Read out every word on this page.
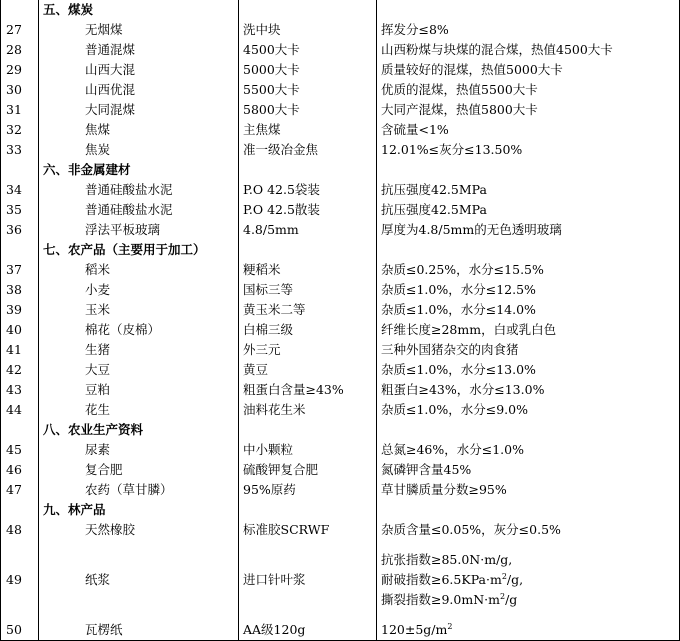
	五、煤炭		
27	无烟煤	洗中块	挥发分≤8%
28	普通混煤	4500大卡	山西粉煤与块煤的混合煤，热值4500大卡
29	山西大混	5000大卡	质量较好的混煤，热值5000大卡
30	山西优混	5500大卡	优质的混煤，热值5500大卡
31	大同混煤	5800大卡	大同产混煤，热值5800大卡
32	焦煤	主焦煤	含硫量<1%
33	焦炭	准一级冶金焦	12.01%≤灰分≤13.50%
	六、非金属建材		
34	普通硅酸盐水泥	P.O 42.5袋装	抗压强度42.5MPa
35	普通硅酸盐水泥	P.O 42.5散装	抗压强度42.5MPa
36	浮法平板玻璃	4.8/5mm	厚度为4.8/5mm的无色透明玻璃
	七、农产品（主要用于加工）		
37	稻米	粳稻米	杂质≤0.25%，水分≤15.5%
38	小麦	国标三等	杂质≤1.0%，水分≤12.5%
39	玉米	黄玉米二等	杂质≤1.0%，水分≤14.0%
40	棉花（皮棉）	白棉三级	纤维长度≥28mm，白或乳白色
41	生猪	外三元	三种外国猪杂交的肉食猪
42	大豆	黄豆	杂质≤1.0%，水分≤13.0%
43	豆粕	粗蛋白含量≥43%	粗蛋白≥43%，水分≤13.0%
44	花生	油料花生米	杂质≤1.0%，水分≤9.0%
	八、农业生产资料		
45	尿素	中小颗粒	总氮≥46%，水分≤1.0%
46	复合肥	硫酸钾复合肥	氮磷钾含量45%
47	农药（草甘膦）	95%原药	草甘膦质量分数≥95%
	九、林产品		
48	天然橡胶	标准胶SCRWF	杂质含量≤0.05%，灰分≤0.5%
49	纸浆	进口针叶浆	抗张指数≥85.0N·m/g,
耐破指数$\ge 6.5KPa\cdot m^2/g$,
撕裂指数$\ge 9.0mN\cdot m^2/g$

50	瓦楞纸	AA级120g	$120\pm 5g/m^2$
